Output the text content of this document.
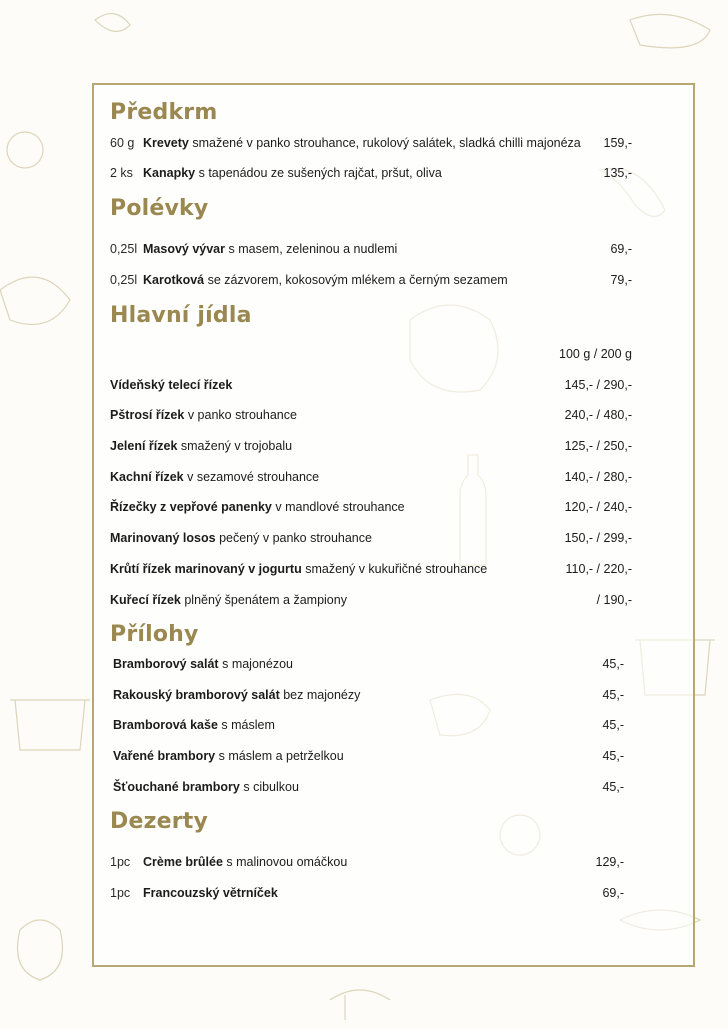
Předkrm
60 g Krevety smažené v panko strouhance, rukolový salátek, sladká chilli majonéza 159,-
2 ks Kanapky s tapenádou ze sušených rajčat, pršut, oliva	135,-
Polévky
0,25l Masový vývar s masem, zeleninou a nudlemi	69,-
0,25l Karotková se zázvorem, kokosovým mlékem a černým sezamem	79,-
Hlavní jídla
100 g / 200 g
Vídeňský telecí řízek	145,- / 290,-
Pštrosí řízek v panko strouhance	240,- / 480,-
Jelení řízek smažený v trojobalu	125,- / 250,-
Kachní řízek v sezamové strouhance	140,- / 280,-
Řízečky z vepřové panenky v mandlové strouhance	120,- / 240,-
Marinovaný losos pečený v panko strouhance	150,- / 299,-
Krůtí řízek marinovaný v jogurtu smažený v kukuřičné strouhance	110,- / 220,-
Kuřecí řízek plněný špenátem a žampiony	/ 190,-
Přílohy
Bramborový salát s majonézou	45,-
Rakouský bramborový salát bez majonézy	45,-
Bramborová kaše s máslem	45,-
Vařené brambory s máslem a petrželkou	45,-
Šťouchané brambory s cibulkou	45,-
Dezerty
1pc	Crème brûlée s malinovou omáčkou	129,-
1pc	Francouzský větrníček	69,-
